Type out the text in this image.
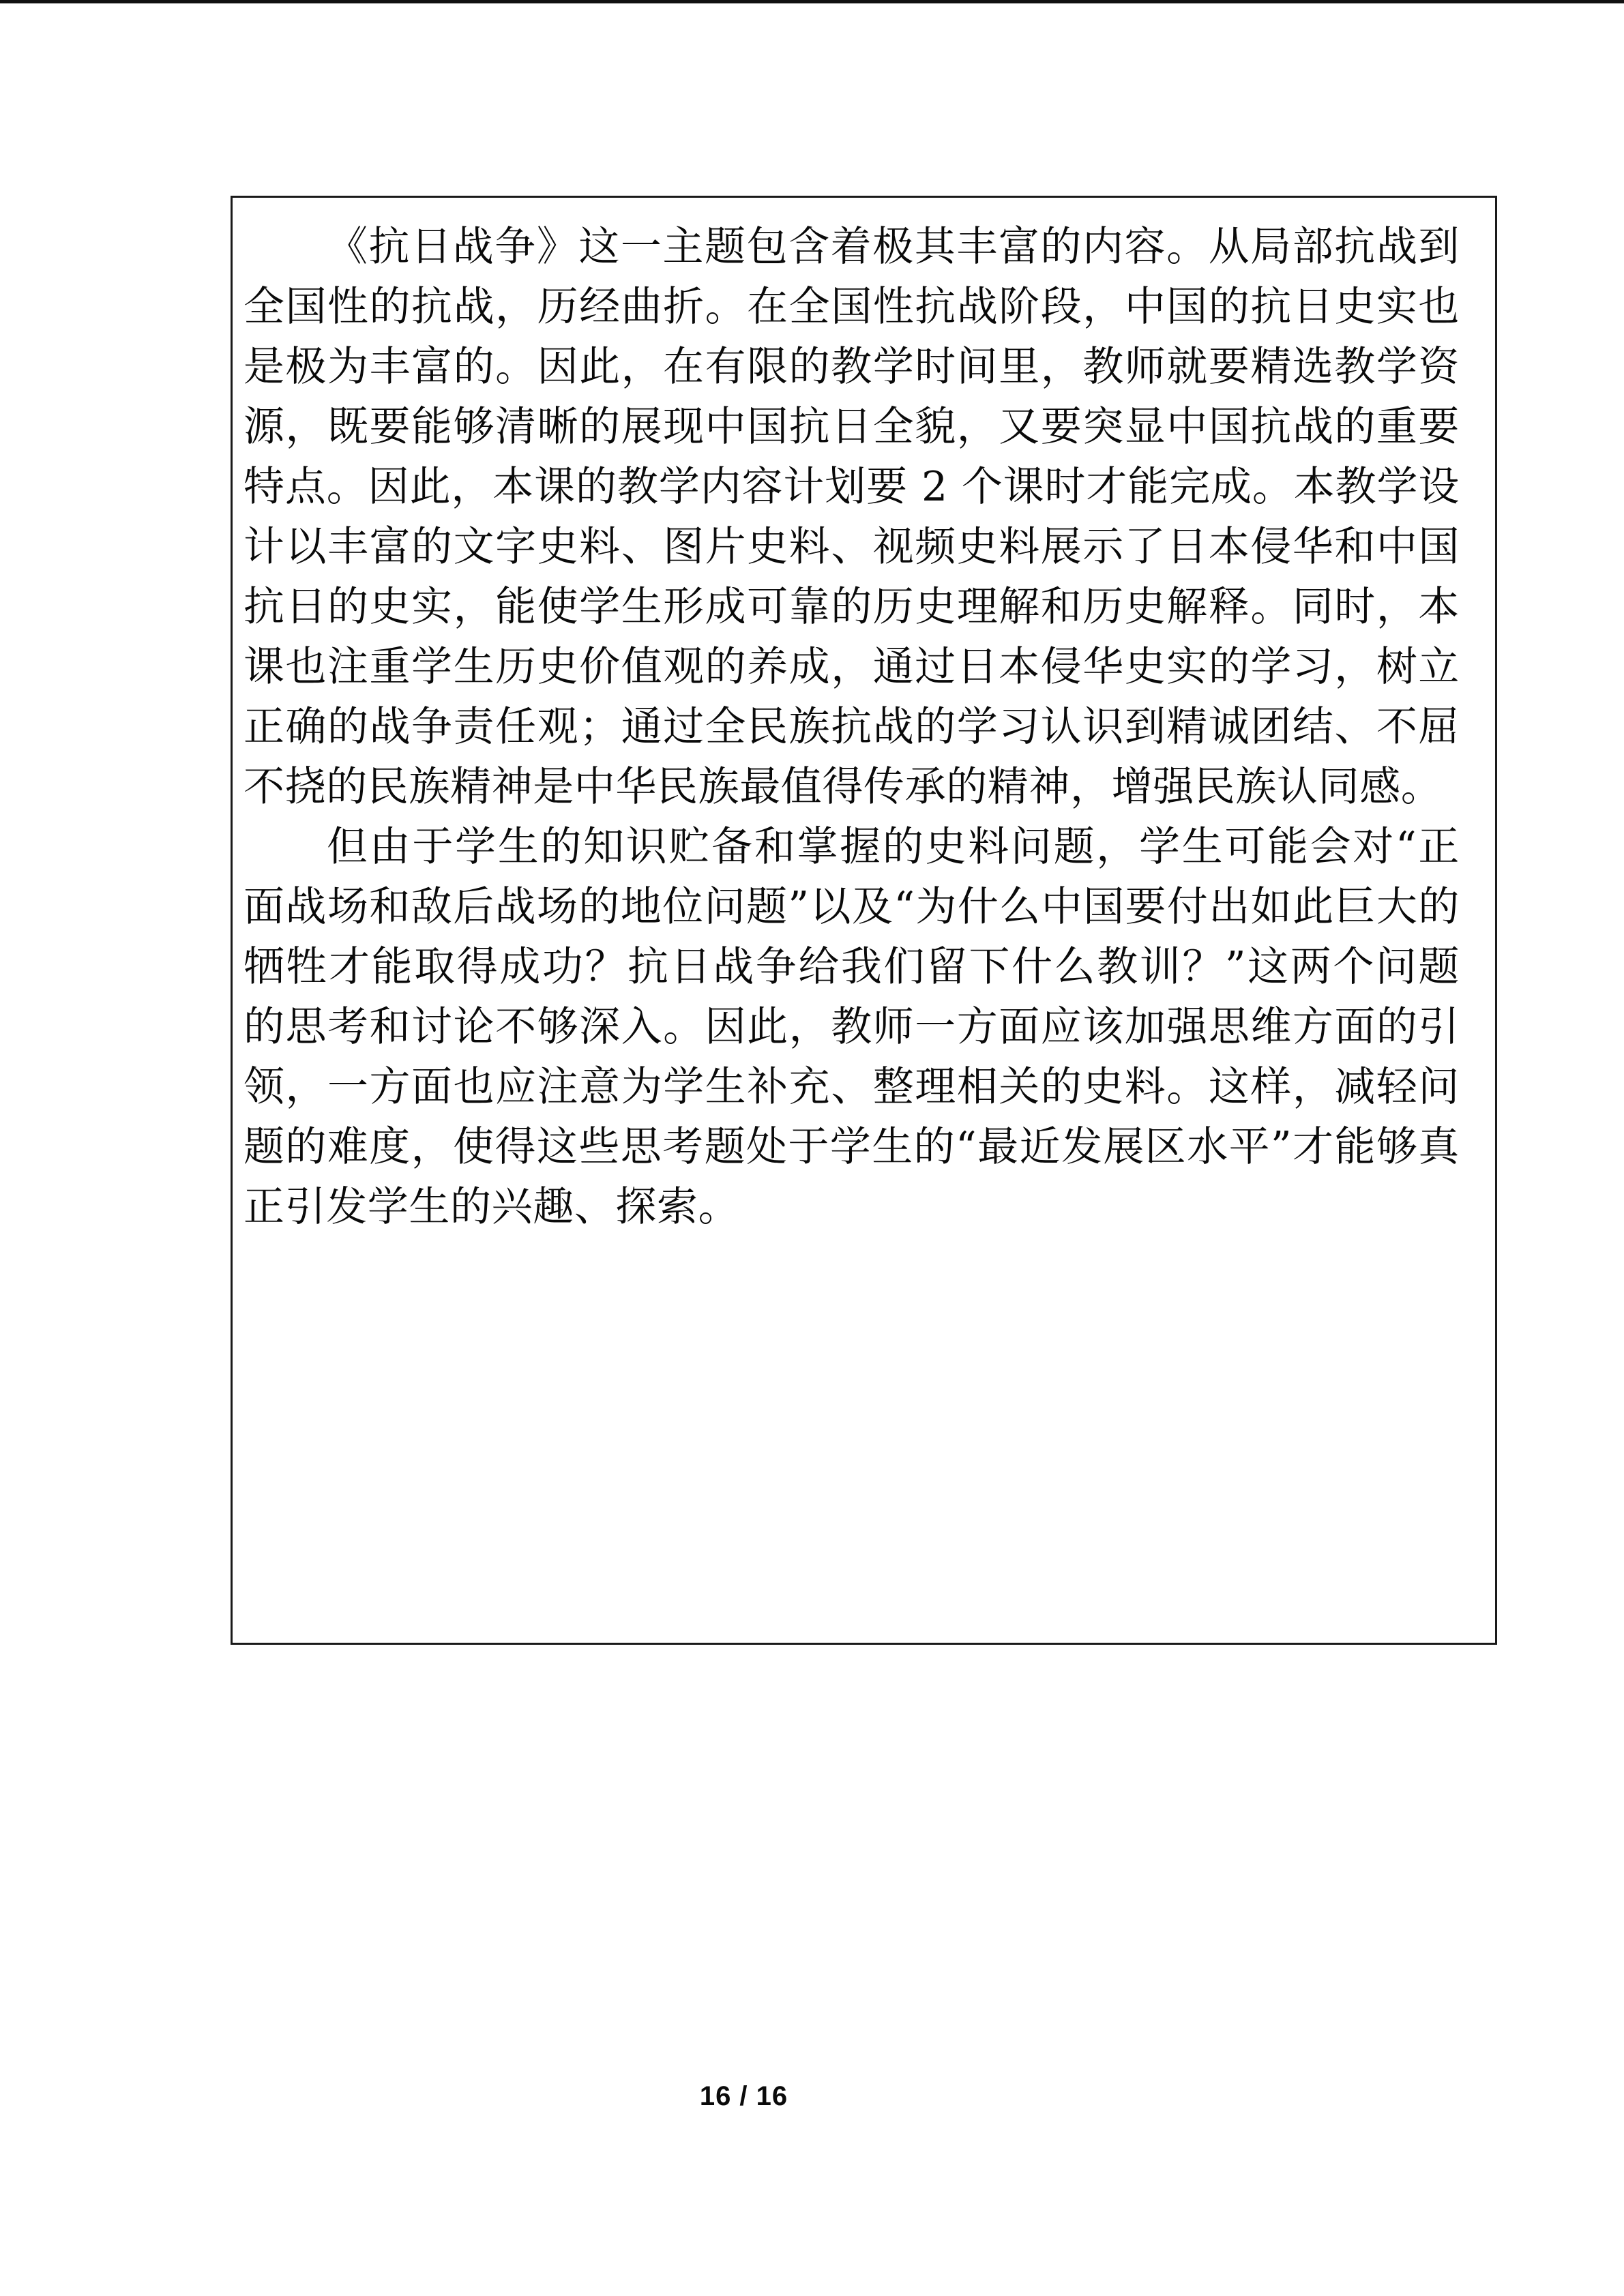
《抗日战争》这一主题包含着极其丰富的内容。从局部抗战到全国性的抗战，历经曲折。在全国性抗战阶段，中国的抗日史实也是极为丰富的。因此，在有限的教学时间里，教师就要精选教学资源，既要能够清晰的展现中国抗日全貌，又要突显中国抗战的重要特点。因此，本课的教学内容计划要 2 个课时才能完成。本教学设计以丰富的文字史料、图片史料、视频史料展示了日本侵华和中国抗日的史实，能使学生形成可靠的历史理解和历史解释。同时，本课也注重学生历史价值观的养成，通过日本侵华史实的学习，树立正确的战争责任观；通过全民族抗战的学习认识到精诚团结、不屈不挠的民族精神是中华民族最值得传承的精神，增强民族认同感。

但由于学生的知识贮备和掌握的史料问题，学生可能会对“正面战场和敌后战场的地位问题”以及“为什么中国要付出如此巨大的牺牲才能取得成功？抗日战争给我们留下什么教训？”这两个问题的思考和讨论不够深入。因此，教师一方面应该加强思维方面的引领，一方面也应注意为学生补充、整理相关的史料。这样，减轻问题的难度，使得这些思考题处于学生的“最近发展区水平”才能够真正引发学生的兴趣、探索。

16 / 16
